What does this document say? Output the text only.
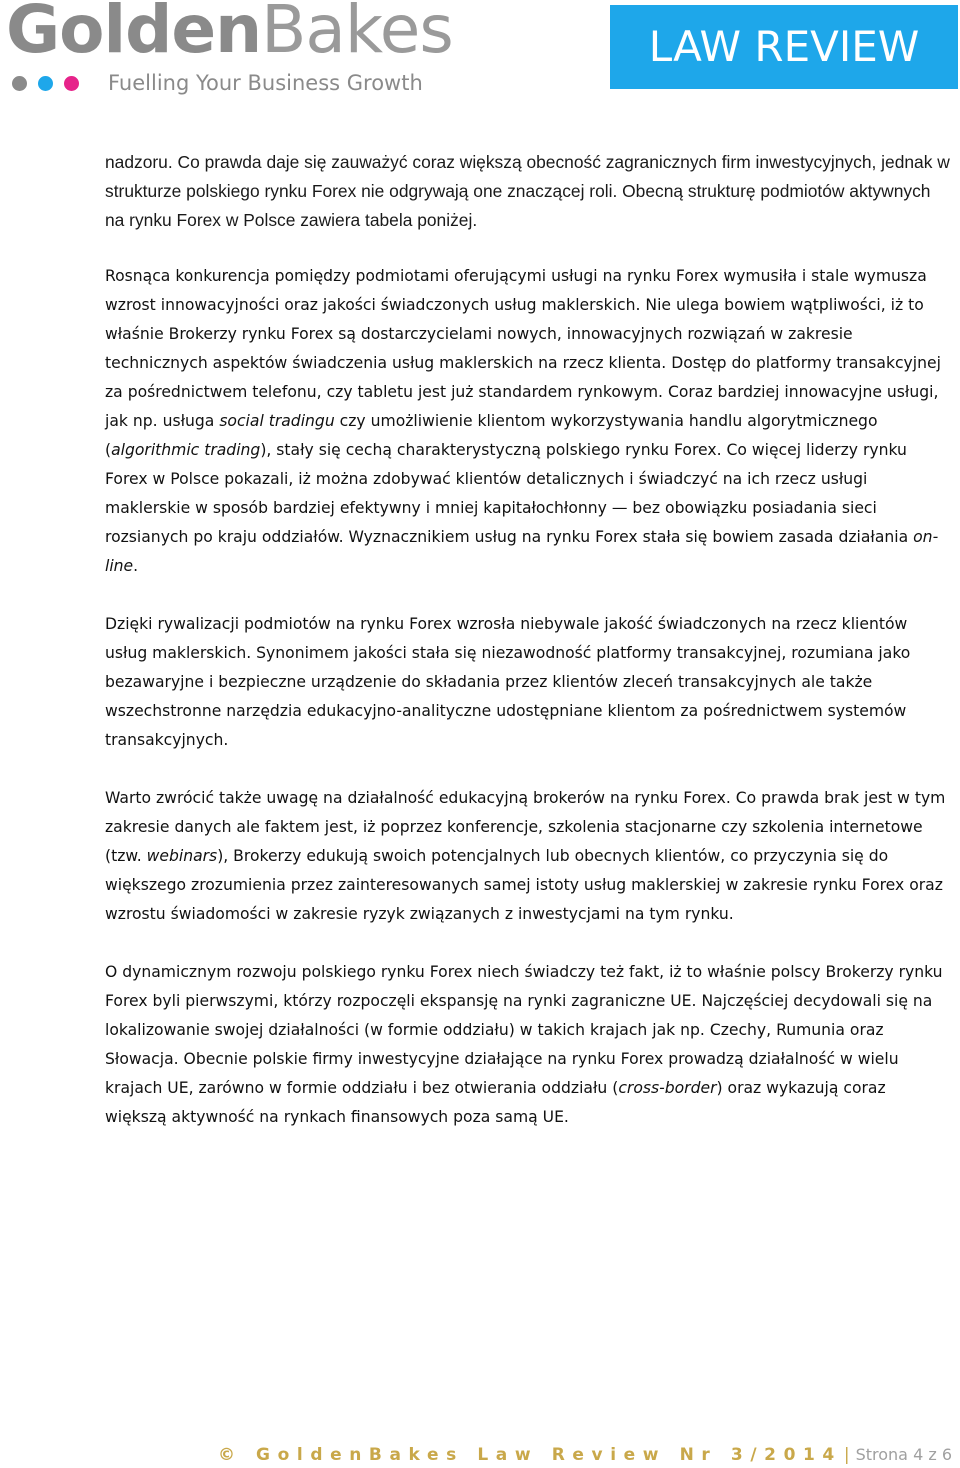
GoldenBakes
Fuelling Your Business Growth
LAW REVIEW

nadzoru. Co prawda daje się zauważyć coraz większą obecność zagranicznych firm inwestycyjnych, jednak w strukturze polskiego rynku Forex nie odgrywają one znaczącej roli. Obecną strukturę podmiotów aktywnych na rynku Forex w Polsce zawiera tabela poniżej.

Rosnąca konkurencja pomiędzy podmiotami oferującymi usługi na rynku Forex wymusiła i stale wymusza wzrost innowacyjności oraz jakości świadczonych usług maklerskich. Nie ulega bowiem wątpliwości, iż to właśnie Brokerzy rynku Forex są dostarczycielami nowych, innowacyjnych rozwiązań w zakresie technicznych aspektów świadczenia usług maklerskich na rzecz klienta. Dostęp do platformy transakcyjnej za pośrednictwem telefonu, czy tabletu jest już standardem rynkowym. Coraz bardziej innowacyjne usługi, jak np. usługa social tradingu czy umożliwienie klientom wykorzystywania handlu algorytmicznego (algorithmic trading), stały się cechą charakterystyczną polskiego rynku Forex. Co więcej liderzy rynku Forex w Polsce pokazali, iż można zdobywać klientów detalicznych i świadczyć na ich rzecz usługi maklerskie w sposób bardziej efektywny i mniej kapitałochłonny — bez obowiązku posiadania sieci rozsianych po kraju oddziałów. Wyznacznikiem usług na rynku Forex stała się bowiem zasada działania on-line.

Dzięki rywalizacji podmiotów na rynku Forex wzrosła niebywale jakość świadczonych na rzecz klientów usług maklerskich. Synonimem jakości stała się niezawodność platformy transakcyjnej, rozumiana jako bezawaryjne i bezpieczne urządzenie do składania przez klientów zleceń transakcyjnych ale także wszechstronne narzędzia edukacyjno-analityczne udostępniane klientom za pośrednictwem systemów transakcyjnych.

Warto zwrócić także uwagę na działalność edukacyjną brokerów na rynku Forex. Co prawda brak jest w tym zakresie danych ale faktem jest, iż poprzez konferencje, szkolenia stacjonarne czy szkolenia internetowe (tzw. webinars), Brokerzy edukują swoich potencjalnych lub obecnych klientów, co przyczynia się do większego zrozumienia przez zainteresowanych samej istoty usług maklerskiej w zakresie rynku Forex oraz wzrostu świadomości w zakresie ryzyk związanych z inwestycjami na tym rynku.

O dynamicznym rozwoju polskiego rynku Forex niech świadczy też fakt, iż to właśnie polscy Brokerzy rynku Forex byli pierwszymi, którzy rozpoczęli ekspansję na rynki zagraniczne UE. Najczęściej decydowali się na lokalizowanie swojej działalności (w formie oddziału) w takich krajach jak np. Czechy, Rumunia oraz Słowacja. Obecnie polskie firmy inwestycyjne działające na rynku Forex prowadzą działalność w wielu krajach UE, zarówno w formie oddziału i bez otwierania oddziału (cross-border) oraz wykazują coraz większą aktywność na rynkach finansowych poza samą UE.

© GoldenBakes Law Review Nr 3/2014 | Strona 4 z 6
